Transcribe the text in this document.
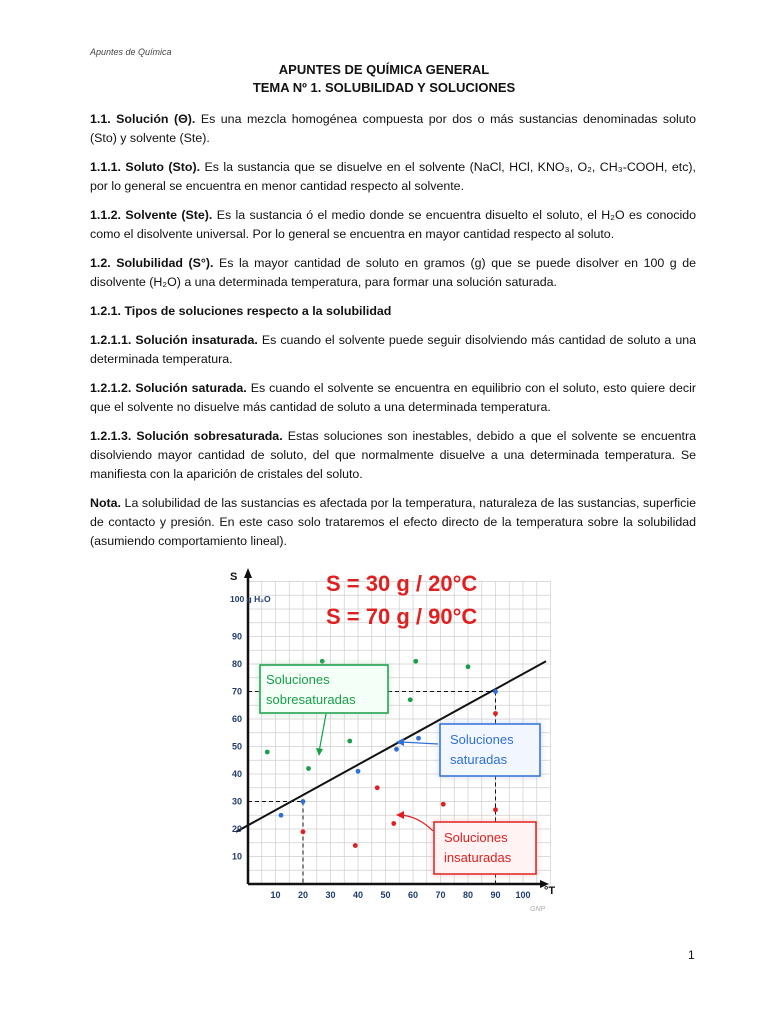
Apuntes de Química
APUNTES DE QUÍMICA GENERAL
TEMA Nº 1. SOLUBILIDAD Y SOLUCIONES

1.1. Solución (Θ). Es una mezcla homogénea compuesta por dos o más sustancias denominadas soluto (Sto) y solvente (Ste).

1.1.1. Soluto (Sto). Es la sustancia que se disuelve en el solvente (NaCl, HCl, KNO₃, O₂, CH₃-COOH, etc), por lo general se encuentra en menor cantidad respecto al solvente.

1.1.2. Solvente (Ste). Es la sustancia ó el medio donde se encuentra disuelto el soluto, el H₂O es conocido como el disolvente universal. Por lo general se encuentra en mayor cantidad respecto al soluto.

1.2. Solubilidad (S°). Es la mayor cantidad de soluto en gramos (g) que se puede disolver en 100 g de disolvente (H₂O) a una determinada temperatura, para formar una solución saturada.

1.2.1. Tipos de soluciones respecto a la solubilidad

1.2.1.1. Solución insaturada. Es cuando el solvente puede seguir disolviendo más cantidad de soluto a una determinada temperatura.

1.2.1.2. Solución saturada. Es cuando el solvente se encuentra en equilibrio con el soluto, esto quiere decir que el solvente no disuelve más cantidad de soluto a una determinada temperatura.

1.2.1.3. Solución sobresaturada. Estas soluciones son inestables, debido a que el solvente se encuentra disolviendo mayor cantidad de soluto, del que normalmente disuelve a una determinada temperatura. Se manifiesta con la aparición de cristales del soluto.

Nota. La solubilidad de las sustancias es afectada por la temperatura, naturaleza de las sustancias, superficie de contacto y presión. En este caso solo trataremos el efecto directo de la temperatura sobre la solubilidad (asumiendo comportamiento lineal).

10
20
30
40
50
60
70
80
90
10 20 30 40 50 60 70 80 90 100
S
100 g H₂O
°T
S = 30 g / 20°C
S = 70 g / 90°C
Soluciones
sobresaturadas
Soluciones
saturadas
Soluciones
insaturadas
GNP
1
